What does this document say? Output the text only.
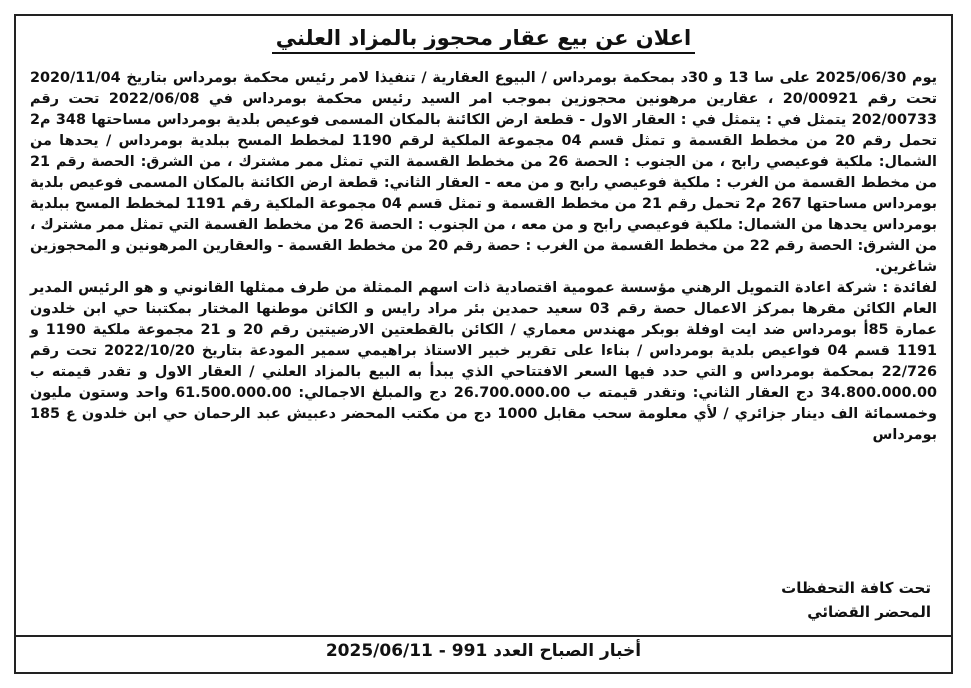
اعلان عن بيع عقار محجوز بالمزاد العلني

يوم 2025/06/30 على سا 13 و 30د بمحكمة بومرداس / البيوع العقارية / تنفيذا لامر رئيس محكمة بومرداس بتاريخ 2020/11/04 تحت رقم 20/00921 ، عقارين مرهونين محجوزين بموجب امر السيد رئيس محكمة بومرداس في 2022/06/08 تحت رقم 202/00733 يتمثل في : يتمثل في : العقار الاول - قطعة ارض الكائنة بالمكان المسمى فوعيص بلدية بومرداس مساحتها 348 م2 تحمل رقم 20 من مخطط القسمة و تمثل قسم 04 مجموعة الملكية لرقم 1190 لمخطط المسح ببلدية بومرداس / يحدها من الشمال: ملكية فوعيصي رابح ، من الجنوب : الحصة 26 من مخطط القسمة التي تمثل ممر مشترك ، من الشرق: الحصة رقم 21 من مخطط القسمة من الغرب : ملكية فوعيصي رابح و من معه - العقار الثاني: قطعة ارض الكائنة بالمكان المسمى فوعيص بلدية بومرداس مساحتها 267 م2 تحمل رقم 21 من مخطط القسمة و تمثل قسم 04 مجموعة الملكية رقم 1191 لمخطط المسح ببلدية بومرداس يحدها من الشمال: ملكية فوعيصي رابح و من معه ، من الجنوب : الحصة 26 من مخطط القسمة التي تمثل ممر مشترك ، من الشرق: الحصة رقم 22 من مخطط القسمة من الغرب : حصة رقم 20 من مخطط القسمة - والعقارين المرهونين و المحجوزين شاغرين.

لفائدة : شركة اعادة التمويل الرهني مؤسسة عمومية اقتصادية ذات اسهم الممثلة من طرف ممثلها القانوني و هو الرئيس المدير العام الكائن مقرها بمركز الاعمال حصة رقم 03 سعيد حمدين بئر مراد رايس و الكائن موطنها المختار بمكتبنا حي ابن خلدون عمارة 85أ بومرداس ضد ايت اوفلة بوبكر مهندس معماري / الكائن بالقطعتين الارضيتين رقم 20 و 21 مجموعة ملكية 1190 و 1191 قسم 04 فواعيص بلدية بومرداس / بناءا على تقرير خبير الاستاذ براهيمي سمير المودعة بتاريخ 2022/10/20 تحت رقم 22/726 بمحكمة بومرداس و التي حدد فيها السعر الافتتاحي الذي يبدأ به البيع بالمزاد العلني / العقار الاول و تقدر قيمته ب 34.800.000.00 دج العقار الثاني: وتقدر قيمته ب 26.700.000.00 دج والمبلغ الاجمالي: 61.500.000.00 واحد وستون مليون وخمسمائة الف دينار جزائري / لأي معلومة سحب مقابل 1000 دج من مكتب المحضر دعبيش عبد الرحمان حي ابن خلدون ع 185 بومرداس

تحت كافة التحفظات
المحضر القضائي
أخبار الصباح العدد 991 - 2025/06/11
